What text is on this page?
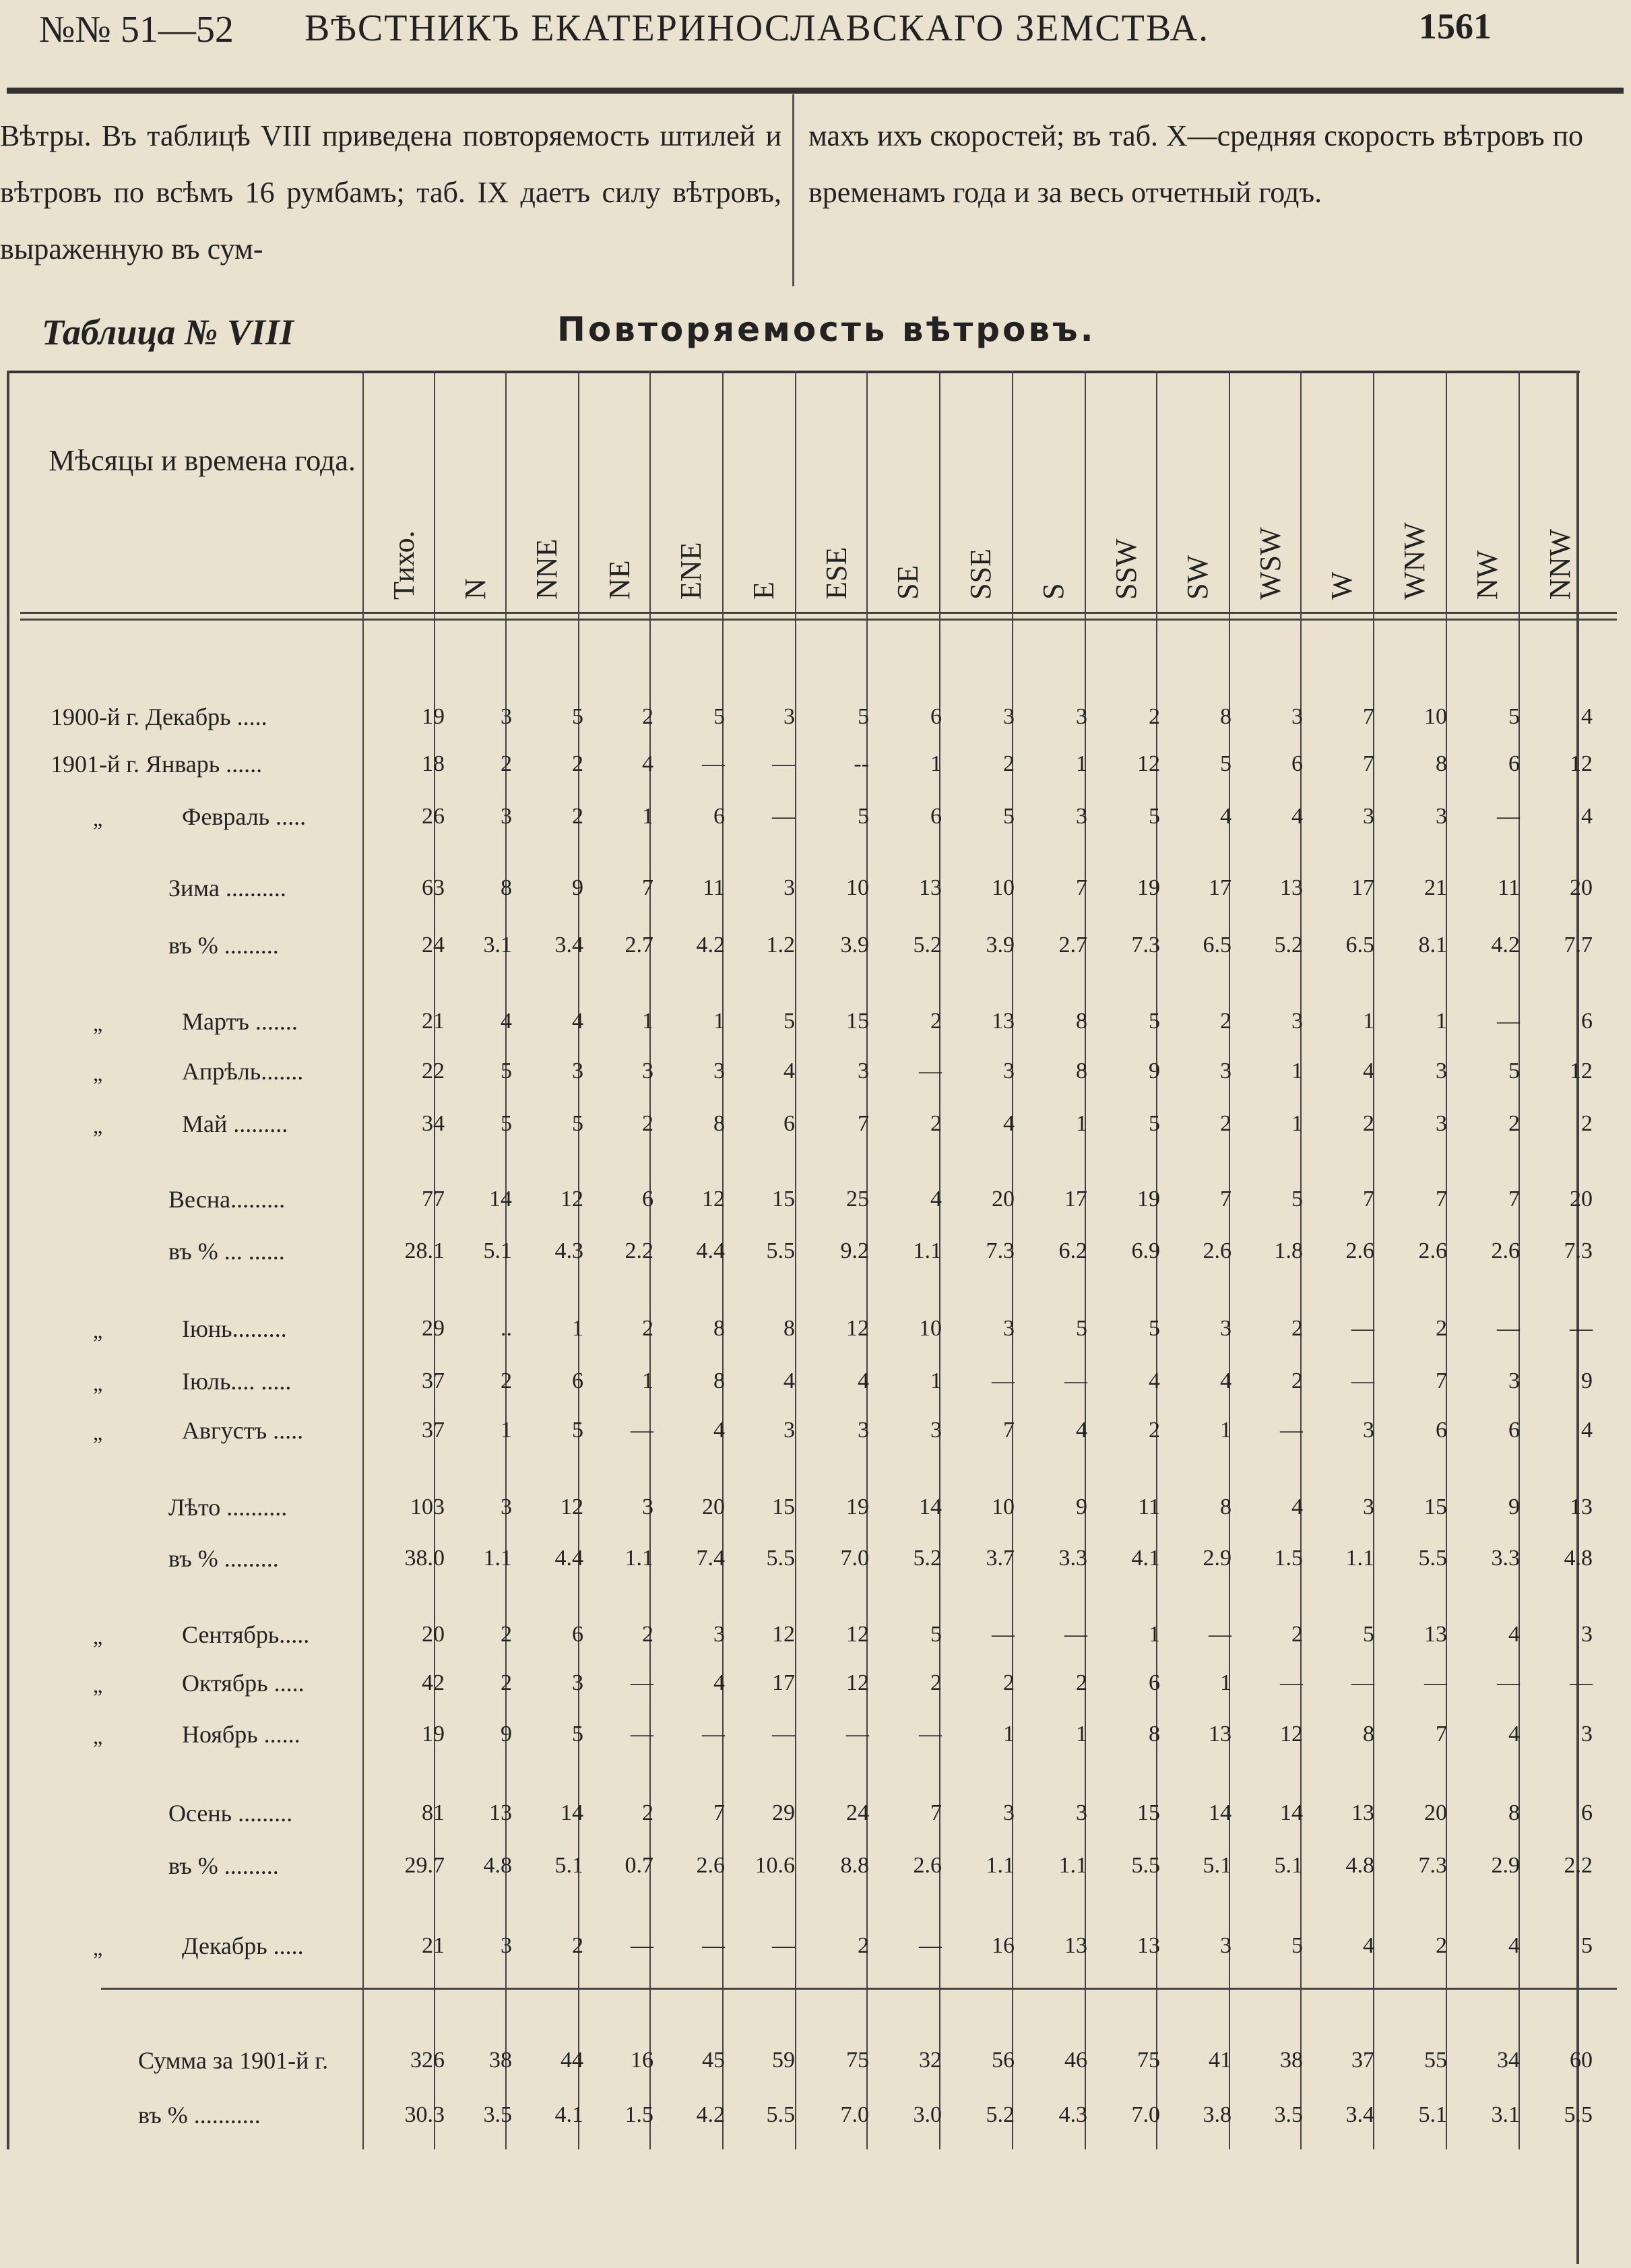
№№ 51—52 ВѢСТНИКЪ ЕКАТЕРИНОСЛАВСКАГО ЗЕМСТВА.	1561
Вѣтры. Въ таблицѣ VIII приведена повторяемость штилей и вѣтровъ по всѣмъ 16 румбамъ; таб. IX даетъ силу вѣтровъ, выраженную въ сум-
махъ ихъ скоростей; въ таб. X—средняя скорость вѣтровъ по временамъ года и за весь отчетный годъ.
Таблица № VIII	Повторяемость вѣтровъ.
Мѣсяцы и времена года.
Тихо. N NNE NE ENE E ESE SE SSE S SSW SW WSW W WNW NW NNW
1900-й г. Декабрь .....	19	3	5	2	5	3	5	6	3	3	2	8	3	7	10	5	4
1901-й г. Январь ......	18	2	2	4	—	—	--	1	2	1	12	5	6	7	8	6	12
„	Февраль .....	26	3	2	1	6	—	5	6	5	3	5	4	4	3	3	—	4
Зима ..........	63	8	9	7	11	3	10	13	10	7	19	17	13	17	21	11	20
въ % .........	24	3.1	3.4	2.7	4.2	1.2	3.9	5.2	3.9	2.7	7.3	6.5	5.2	6.5	8.1	4.2	7.7
„	Мартъ .......	21	4	4	1	1	5	15	2	13	8	5	2	3	1	1	—	6
„	Апрѣль.......	22	5	3	3	3	4	3	—	3	8	9	3	1	4	3	5	12
„	Май .........	34	5	5	2	8	6	7	2	4	1	5	2	1	2	3	2	2
Весна.........	77	14	12	6	12	15	25	4	20	17	19	7	5	7	7	7	20
въ % ... ......	28.1	5.1	4.3	2.2	4.4	5.5	9.2	1.1	7.3	6.2	6.9	2.6	1.8	2.6	2.6	2.6	7.3
„	Іюнь.........	29	..	1	2	8	8	12	10	3	5	5	3	2	—	2	—	—
„	Іюль.... .....	37	2	6	1	8	4	4	1	—	—	4	4	2	—	7	3	9
„	Августъ .....	37	1	5	—	4	3	3	3	7	4	2	1	—	3	6	6	4
Лѣто ..........	103	3	12	3	20	15	19	14	10	9	11	8	4	3	15	9	13
въ % .........	38.0	1.1	4.4	1.1	7.4	5.5	7.0	5.2	3.7	3.3	4.1	2.9	1.5	1.1	5.5	3.3	4.8
„	Сентябрь.....	20	2	6	2	3	12	12	5	—	—	1	—	2	5	13	4	3
„	Октябрь .....	42	2	3	—	4	17	12	2	2	2	6	1	—	—	—	—	—
„	Ноябрь ......	19	9	5	—	—	—	—	—	1	1	8	13	12	8	7	4	3
Осень .........	81	13	14	2	7	29	24	7	3	3	15	14	14	13	20	8	6
въ % .........	29.7	4.8	5.1	0.7	2.6	10.6	8.8	2.6	1.1	1.1	5.5	5.1	5.1	4.8	7.3	2.9	2.2
„	Декабрь .....	21	3	2	—	—	—	2	—	16	13	13	3	5	4	2	4	5
Сумма за 1901-й г.	326	38	44	16	45	59	75	32	56	46	75	41	38	37	55	34	60
въ % ...........	30.3	3.5	4.1	1.5	4.2	5.5	7.0	3.0	5.2	4.3	7.0	3.8	3.5	3.4	5.1	3.1	5.5
